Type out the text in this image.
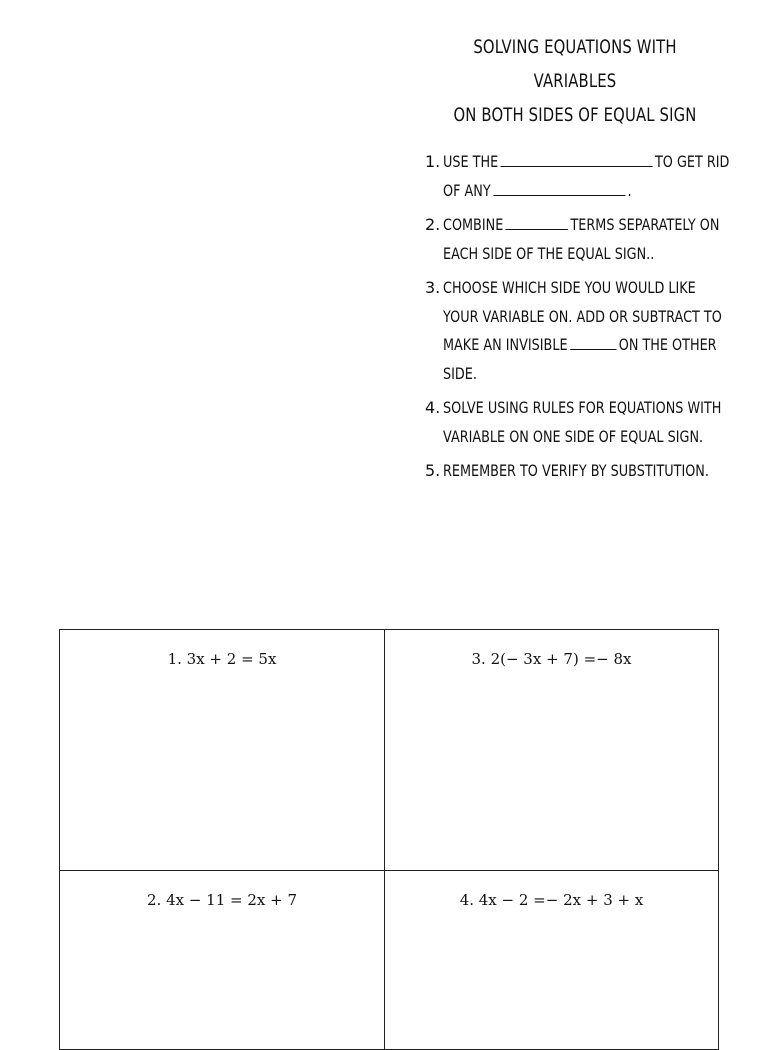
SOLVING EQUATIONS WITH VARIABLES
ON BOTH SIDES OF EQUAL SIGN
1. USE THE	TO GET RID OF ANY	.
2. COMBINE	TERMS SEPARATELY ON EACH SIDE OF THE EQUAL SIGN..
3. CHOOSE WHICH SIDE YOU WOULD LIKE YOUR VARIABLE ON. ADD OR SUBTRACT TO MAKE AN INVISIBLE	ON THE OTHER SIDE.
4. SOLVE USING RULES FOR EQUATIONS WITH VARIABLE ON ONE SIDE OF EQUAL SIGN.
5. REMEMBER TO VERIFY BY SUBSTITUTION.
1. 3x + 2 = 5x	3. 2(− 3x + 7) =− 8x
2. 4x − 11 = 2x + 7	4. 4x − 2 =− 2x + 3 + x
